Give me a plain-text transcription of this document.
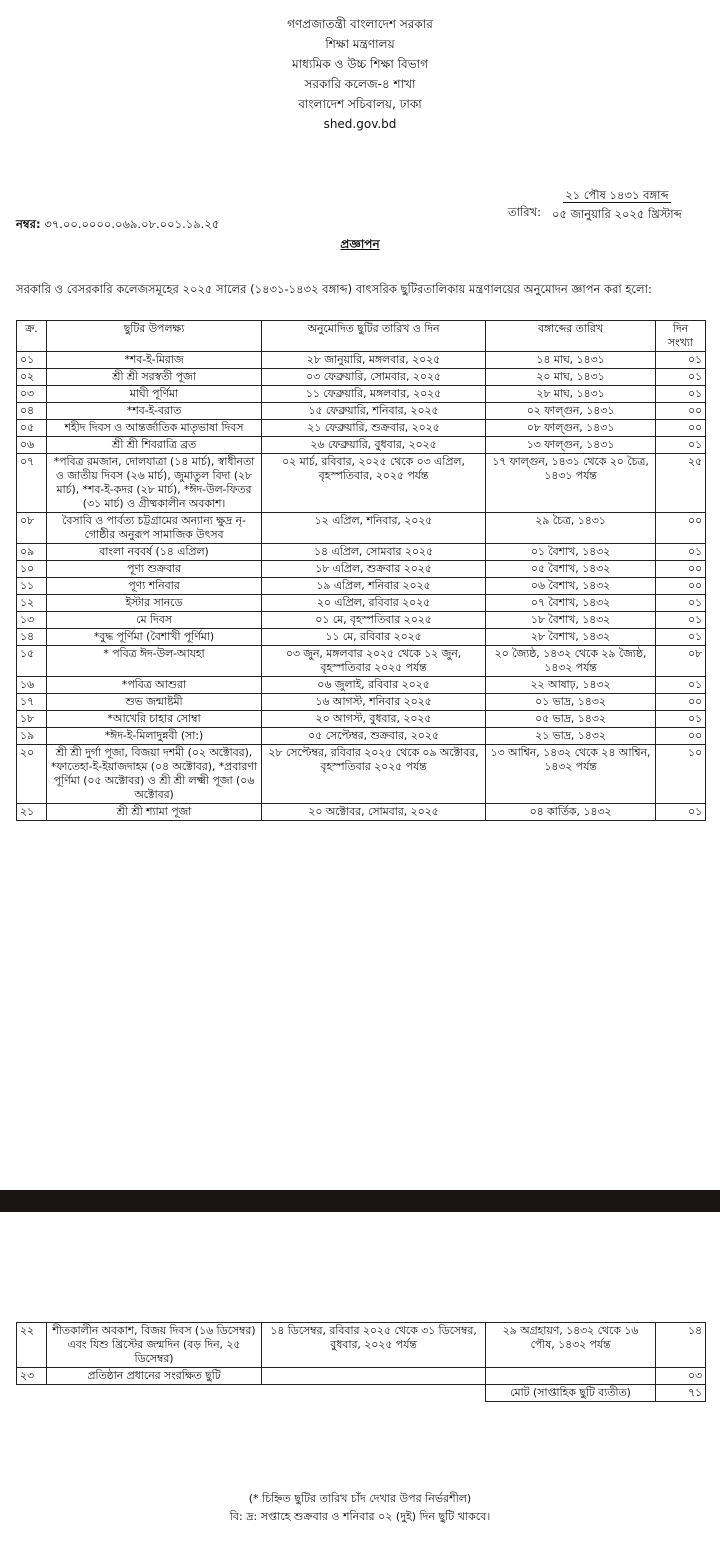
গণপ্রজাতন্ত্রী বাংলাদেশ সরকার
শিক্ষা মন্ত্রণালয়
মাধ্যমিক ও উচ্চ শিক্ষা বিভাগ
সরকারি কলেজ-৪ শাখা
বাংলাদেশ সচিবালয়, ঢাকা
shed.gov.bd
নম্বর: ৩৭.০০.০০০০.০৬৯.০৮.০০১.১৯.২৫
তারিখ:
২১ পৌষ ১৪৩১ বঙ্গাব্দ
০৫ জানুয়ারি ২০২৫ খ্রিস্টাব্দ
প্রজ্ঞাপন
সরকারি ও বেসরকারি কলেজসমূহের ২০২৫ সালের (১৪৩১-১৪৩২ বঙ্গাব্দ) বাৎসরিক ছুটিরতালিকায় মন্ত্রণালয়ের অনুমোদন জ্ঞাপন করা হলো:
ক্র.	ছুটির উপলক্ষ্য	অনুমোদিত ছুটির তারিখ ও দিন	বঙ্গাব্দের তারিখ	দিন সংখ্যা
০১	*শব-ই-মিরাজ	২৮ জানুয়ারি, মঙ্গলবার, ২০২৫	১৪ মাঘ, ১৪৩১	০১
০২	শ্রী শ্রী সরস্বতী পূজা	০৩ ফেব্রুয়ারি, সোমবার, ২০২৫	২০ মাঘ, ১৪৩১	০১
০৩	মাঘী পূর্ণিমা	১১ ফেব্রুয়ারি, মঙ্গলবার, ২০২৫	২৮ মাঘ, ১৪৩১	০১
০৪	*শব-ই-বরাত	১৫ ফেব্রুয়ারি, শনিবার, ২০২৫	০২ ফাল্গুন, ১৪৩১	০০
০৫	শহীদ দিবস ও আন্তর্জাতিক মাতৃভাষা দিবস	২১ ফেব্রুয়ারি, শুক্রবার, ২০২৫	০৮ ফাল্গুন, ১৪৩১	০০
০৬	শ্রী শ্রী শিবরাত্রি ব্রত	২৬ ফেব্রুয়ারি, বুধবার, ২০২৫	১৩ ফাল্গুন, ১৪৩১	০১
০৭	*পবিত্র রমজান, দোলযাত্রা (১৪ মার্চ), স্বাধীনতা ও জাতীয় দিবস (২৬ মার্চ), জুমাতুল বিদা (২৮ মার্চ), *শব-ই-কদর (২৮ মার্চ), *ঈদ-উল-ফিতর (৩১ মার্চ) ও গ্রীষ্মকালীন অবকাশ।	০২ মার্চ, রবিবার, ২০২৫ থেকে ০৩ এপ্রিল, বৃহস্পতিবার, ২০২৫ পর্যন্ত	১৭ ফাল্গুন, ১৪৩১ থেকে ২০ চৈত্র, ১৪৩১ পর্যন্ত	২৫
০৮	বৈসাবি ও পার্বত্য চট্টগ্রামের অন্যান্য ক্ষুদ্র নৃ-গোষ্ঠীর অনুরূপ সামাজিক উৎসব	১২ এপ্রিল, শনিবার, ২০২৫	২৯ চৈত্র, ১৪৩১	০০
০৯	বাংলা নববর্ষ (১৪ এপ্রিল)	১৪ এপ্রিল, সোমবার ২০২৫	০১ বৈশাখ, ১৪৩২	০১
১০	পূণ্য শুক্রবার	১৮ এপ্রিল, শুক্রবার ২০২৫	০৫ বৈশাখ, ১৪৩২	০০
১১	পূণ্য শনিবার	১৯ এপ্রিল, শনিবার ২০২৫	০৬ বৈশাখ, ১৪৩২	০০
১২	ইস্টার সানডে	২০ এপ্রিল, রবিবার ২০২৫	০৭ বৈশাখ, ১৪৩২	০১
১৩	মে দিবস	০১ মে, বৃহস্পতিবার ২০২৫	১৮ বৈশাখ, ১৪৩২	০১
১৪	*বুদ্ধ পূর্ণিমা (বৈশাখী পূর্ণিমা)	১১ মে, রবিবার ২০২৫	২৮ বৈশাখ, ১৪৩২	০১
১৫	* পবিত্র ঈদ-উল-আযহা	০৩ জুন, মঙ্গলবার ২০২৫ থেকে ১২ জুন, বৃহস্পতিবার ২০২৫ পর্যন্ত	২০ জ্যৈষ্ঠ, ১৪৩২ থেকে ২৯ জ্যৈষ্ঠ, ১৪৩২ পর্যন্ত	০৮
১৬	*পবিত্র আশুরা	০৬ জুলাই, রবিবার ২০২৫	২২ আষাঢ়, ১৪৩২	০১
১৭	শুভ জন্মাষ্টমী	১৬ আগস্ট, শনিবার ২০২৫	০১ ভাদ্র, ১৪৩২	০০
১৮	*আখেরি চাহার সোম্বা	২০ আগস্ট, বুধবার, ২০২৫	০৫ ভাদ্র, ১৪৩২	০১
১৯	*ঈদ-ই-মিলাদুন্নবী (সা:)	০৫ সেপ্টেম্বর, শুক্রবার, ২০২৫	২১ ভাদ্র, ১৪৩২	০০
২০	শ্রী শ্রী দুর্গা পূজা, বিজয়া দশমী (০২ অক্টোবর), *ফাতেহা-ই-ইয়াজদাহম (০৪ অক্টোবর), *প্রবারণা পূর্ণিমা (০৫ অক্টোবর) ও শ্রী শ্রী লক্ষ্মী পূজা (০৬ অক্টোবর)	২৮ সেপ্টেম্বর, রবিবার ২০২৫ থেকে ০৯ অক্টোবর, বৃহস্পতিবার ২০২৫ পর্যন্ত	১৩ আশ্বিন, ১৪৩২ থেকে ২৪ আশ্বিন, ১৪৩২ পর্যন্ত	১০
২১	শ্রী শ্রী শ্যামা পূজা	২০ অক্টোবর, সোমবার, ২০২৫	০৪ কার্তিক, ১৪৩২	০১
২২	শীতকালীন অবকাশ, বিজয় দিবস (১৬ ডিসেম্বর) এবং যিশু খ্রিস্টের জন্মদিন (বড় দিন, ২৫ ডিসেম্বর)	১৪ ডিসেম্বর, রবিবার ২০২৫ থেকে ৩১ ডিসেম্বর, বুধবার, ২০২৫ পর্যন্ত	২৯ অগ্রহায়ণ, ১৪৩২ থেকে ১৬ পৌষ, ১৪৩২ পর্যন্ত	১৪
২৩	প্রতিষ্ঠান প্রধানের সংরক্ষিত ছুটি			০৩
			মোট (সাপ্তাহিক ছুটি ব্যতীত)	৭১
(* চিহ্নিত ছুটির তারিখ চাঁদ দেখার উপর নির্ভরশীল)
বি: দ্র: সপ্তাহে শুক্রবার ও শনিবার ০২ (দুই) দিন ছুটি থাকবে।
